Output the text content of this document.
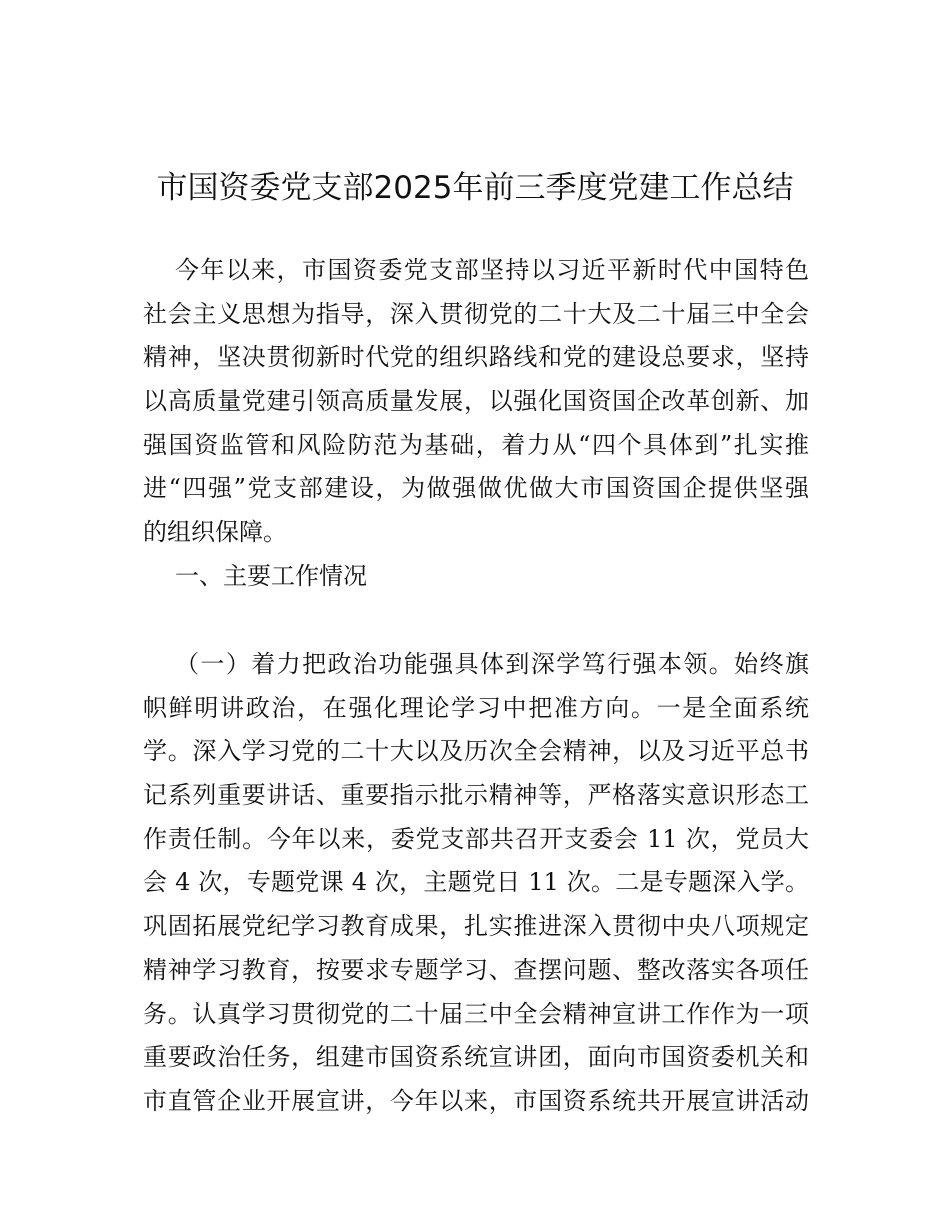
市国资委党支部2025年前三季度党建工作总结
今年以来，市国资委党支部坚持以习近平新时代中国特色
社会主义思想为指导，深入贯彻党的二十大及二十届三中全会
精神，坚决贯彻新时代党的组织路线和党的建设总要求，坚持
以高质量党建引领高质量发展，以强化国资国企改革创新、加
强国资监管和风险防范为基础，着力从“四个具体到”扎实推
进“四强”党支部建设，为做强做优做大市国资国企提供坚强
的组织保障。
一、主要工作情况
（一）着力把政治功能强具体到深学笃行强本领。始终旗
帜鲜明讲政治，在强化理论学习中把准方向。一是全面系统
学。深入学习党的二十大以及历次全会精神，以及习近平总书
记系列重要讲话、重要指示批示精神等，严格落实意识形态工
作责任制。今年以来，委党支部共召开支委会 11 次，党员大
会 4 次，专题党课 4 次，主题党日 11 次。二是专题深入学。
巩固拓展党纪学习教育成果，扎实推进深入贯彻中央八项规定
精神学习教育，按要求专题学习、查摆问题、整改落实各项任
务。认真学习贯彻党的二十届三中全会精神宣讲工作作为一项
重要政治任务，组建市国资系统宣讲团，面向市国资委机关和
市直管企业开展宣讲，今年以来，市国资系统共开展宣讲活动
